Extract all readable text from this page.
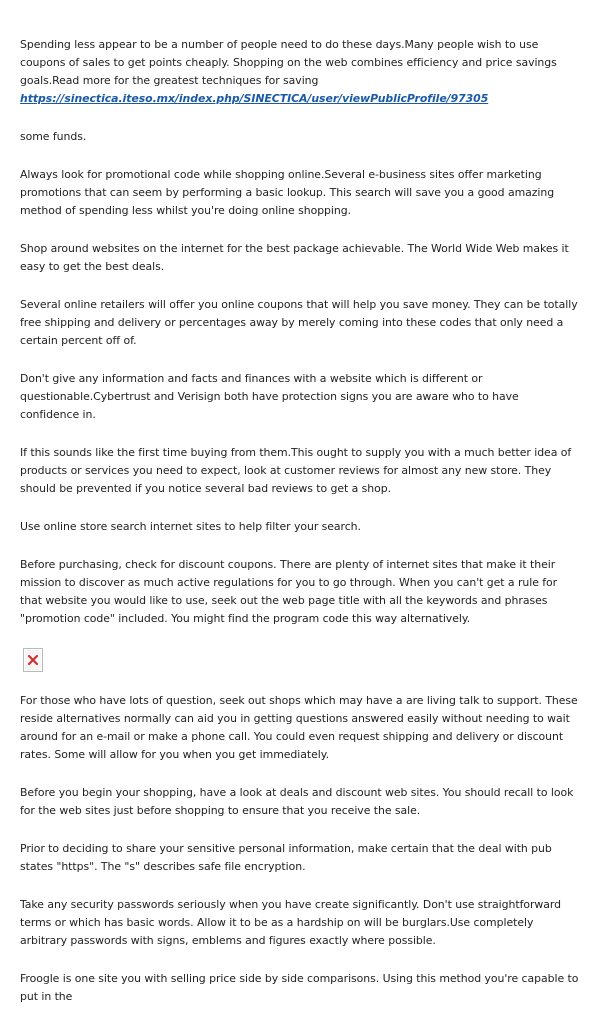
Spending less appear to be a number of people need to do these days.Many people wish to use coupons of sales to get points cheaply. Shopping on the web combines efficiency and price savings goals.Read more for the greatest techniques for saving https://sinectica.iteso.mx/index.php/SINECTICA/user/viewPublicProfile/97305

some funds.

Always look for promotional code while shopping online.Several e-business sites offer marketing promotions that can seem by performing a basic lookup. This search will save you a good amazing method of spending less whilst you're doing online shopping.

Shop around websites on the internet for the best package achievable. The World Wide Web makes it easy to get the best deals.

Several online retailers will offer you online coupons that will help you save money. They can be totally free shipping and delivery or percentages away by merely coming into these codes that only need a certain percent off of.

Don't give any information and facts and finances with a website which is different or questionable.Cybertrust and Verisign both have protection signs you are aware who to have confidence in.

If this sounds like the first time buying from them.This ought to supply you with a much better idea of products or services you need to expect, look at customer reviews for almost any new store. They should be prevented if you notice several bad reviews to get a shop.

Use online store search internet sites to help filter your search.

Before purchasing, check for discount coupons. There are plenty of internet sites that make it their mission to discover as much active regulations for you to go through. When you can't get a rule for that website you would like to use, seek out the web page title with all the keywords and phrases "promotion code" included. You might find the program code this way alternatively.

For those who have lots of question, seek out shops which may have a are living talk to support. These reside alternatives normally can aid you in getting questions answered easily without needing to wait around for an e-mail or make a phone call. You could even request shipping and delivery or discount rates. Some will allow for you when you get immediately.

Before you begin your shopping, have a look at deals and discount web sites. You should recall to look for the web sites just before shopping to ensure that you receive the sale.

Prior to deciding to share your sensitive personal information, make certain that the deal with pub states "https". The "s" describes safe file encryption.

Take any security passwords seriously when you have create significantly. Don't use straightforward terms or which has basic words. Allow it to be as a hardship on will be burglars.Use completely arbitrary passwords with signs, emblems and figures exactly where possible.

Froogle is one site you with selling price side by side comparisons. Using this method you're capable to put in the
